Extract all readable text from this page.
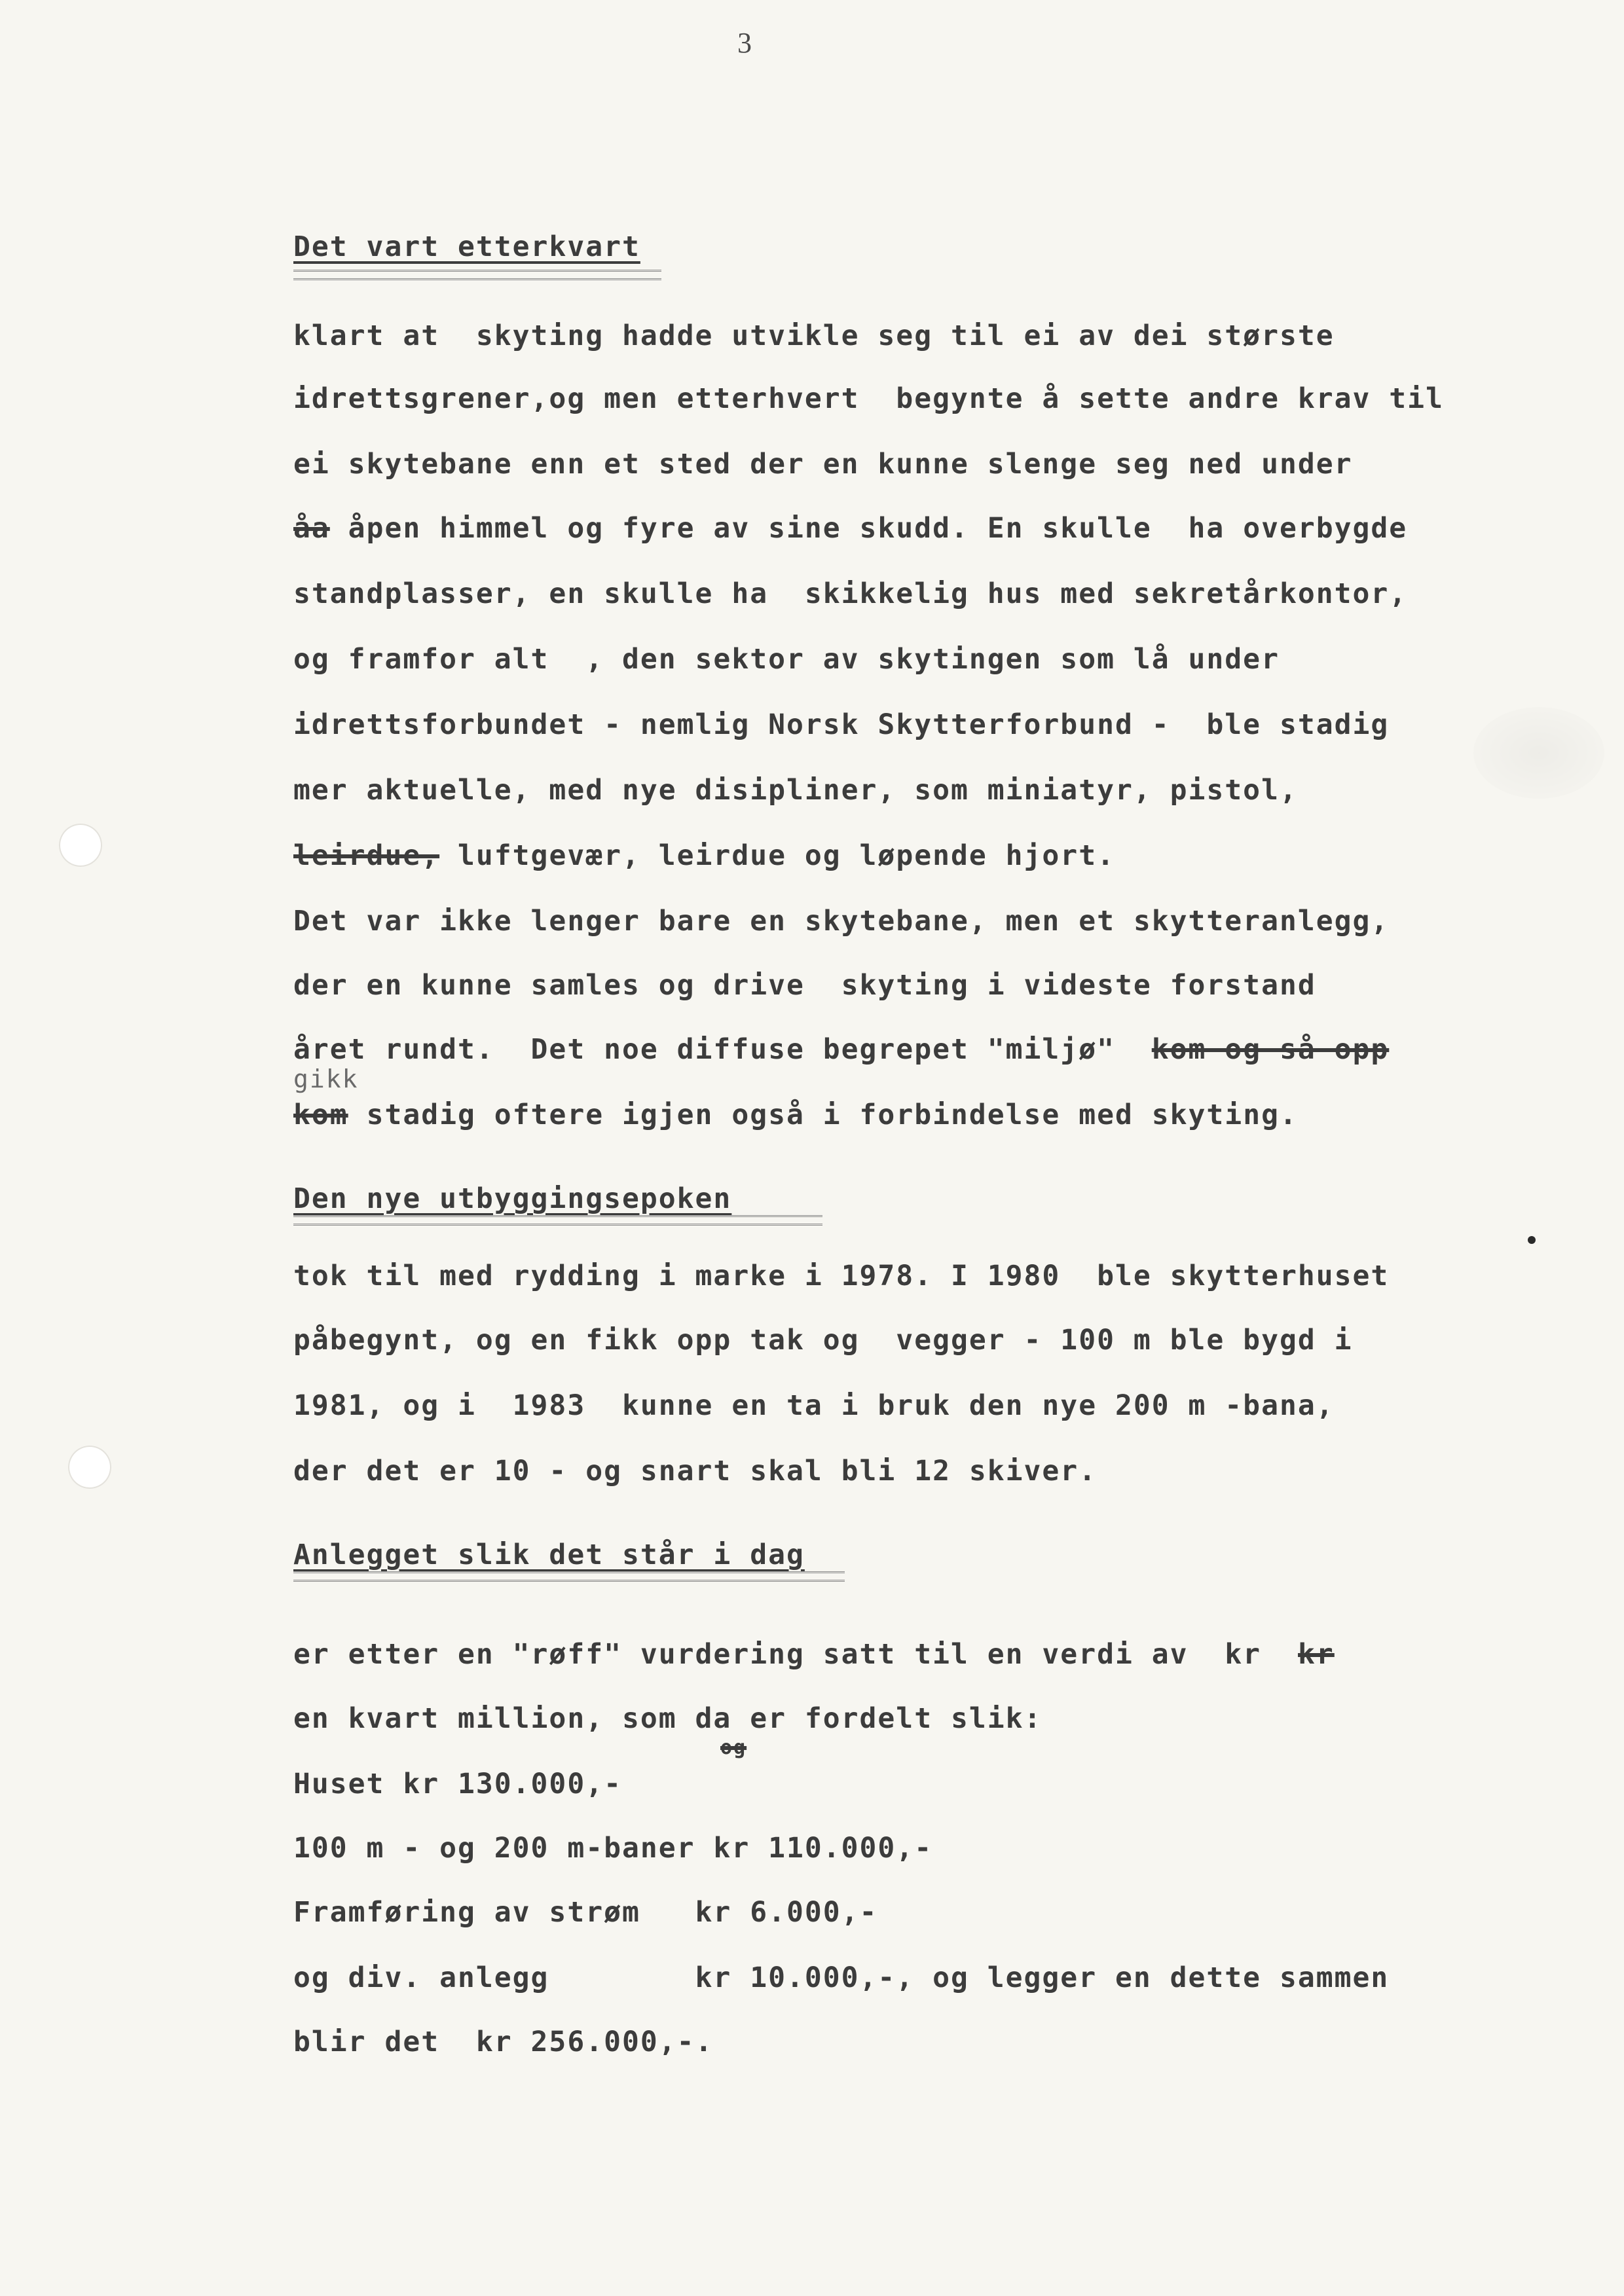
3
Det vart etterkvart
klart at  skyting hadde utvikle seg til ei av dei største
idrettsgrener,og men etterhvert  begynte å sette andre krav til
ei skytebane enn et sted der en kunne slenge seg ned under
åa åpen himmel og fyre av sine skudd. En skulle  ha overbygde
standplasser, en skulle ha  skikkelig hus med sekretårkontor,
og framfor alt  , den sektor av skytingen som lå under
idrettsforbundet - nemlig Norsk Skytterforbund -  ble stadig
mer aktuelle, med nye disipliner, som miniatyr, pistol,
leirdue, luftgevær, leirdue og løpende hjort.
Det var ikke lenger bare en skytebane, men et skytteranlegg,
der en kunne samles og drive  skyting i videste forstand
året rundt.  Det noe diffuse begrepet "miljø" kom og så opp
gikk
kom stadig oftere igjen også i forbindelse med skyting.
Den nye utbyggingsepoken
tok til med rydding i marke i 1978. I 1980  ble skytterhuset
påbegynt, og en fikk opp tak og  vegger - 100 m ble bygd i
1981, og i  1983  kunne en ta i bruk den nye 200 m -bana,
der det er 10 - og snart skal bli 12 skiver.
Anlegget slik det står i dag
er etter en "røff" vurdering satt til en verdi av  kr
en kvart million, som da er fordelt slik:
Huset kr 130.000,-
100 m - og 200 m-baner kr 110.000,-
Framføring av strøm   kr 6.000,-
og div. anlegg        kr 10.000,-, og legger en dette sammen
blir det  kr 256.000,-.
kr
og
